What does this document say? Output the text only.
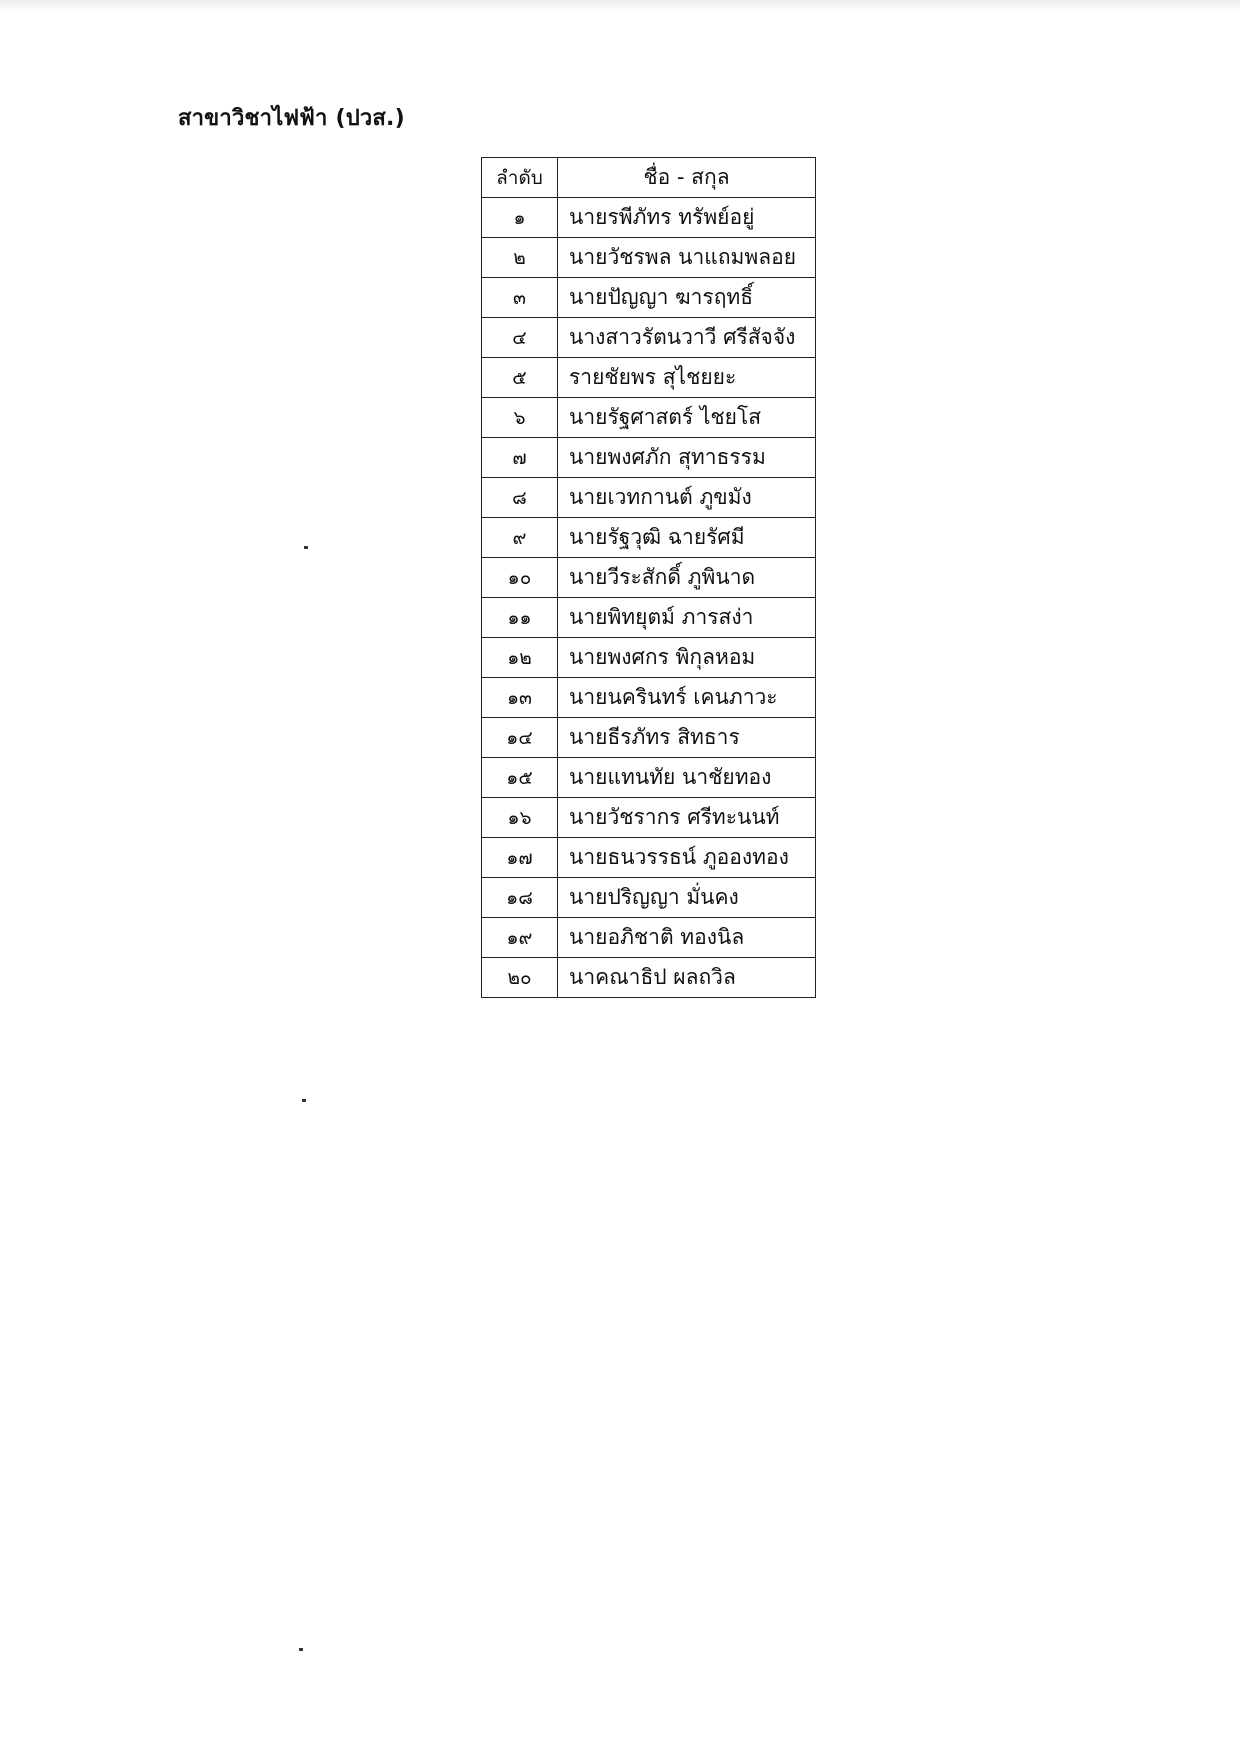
สาขาวิชาไฟฟ้า (ปวส.)
ลำดับ	ชื่อ - สกุล
๑	นายรพีภัทร ทรัพย์อยู่
๒	นายวัชรพล นาแถมพลอย
๓	นายปัญญา ฆารฤทธิ์
๔	นางสาวรัตนวาวี ศรีสัจจัง
๕	รายชัยพร สุไชยยะ
๖	นายรัฐศาสตร์ ไชยโส
๗	นายพงศภัก สุทาธรรม
๘	นายเวทกานต์ ภูขมัง
๙	นายรัฐวุฒิ ฉายรัศมี
๑๐	นายวีระสักดิ์ ภูพินาด
๑๑	นายพิทยุตม์ ภารสง่า
๑๒	นายพงศกร พิกุลหอม
๑๓	นายนครินทร์ เคนภาวะ
๑๔	นายธีรภัทร สิทธาร
๑๕	นายแทนทัย นาชัยทอง
๑๖	นายวัชรากร ศรีทะนนท์
๑๗	นายธนวรรธน์ ภูอองทอง
๑๘	นายปริญญา มั่นคง
๑๙	นายอภิชาติ ทองนิล
๒๐	นาคณาธิป ผลถวิล
